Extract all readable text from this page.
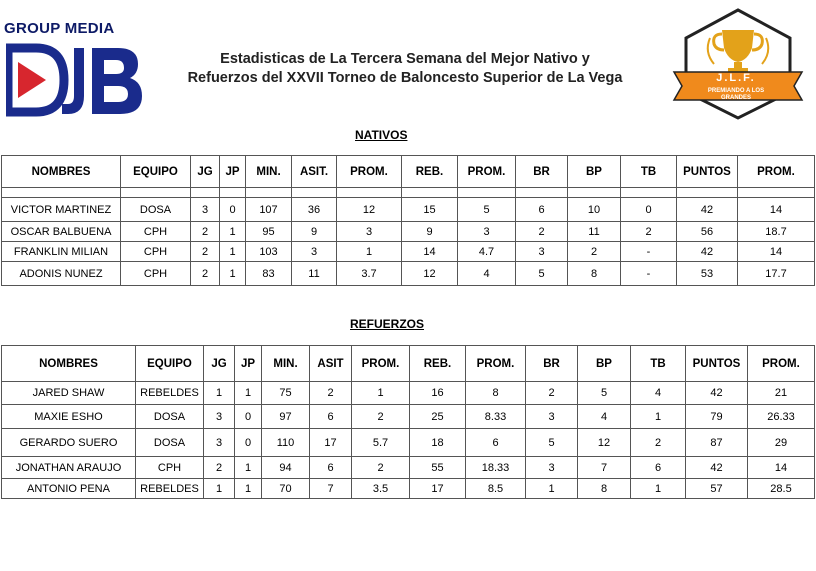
GROUP MEDIA
Estadisticas de La Tercera Semana del Mejor Nativo y
Refuerzos del XXVII Torneo de Baloncesto Superior de La Vega	J.L.F.
PREMIANDO A LOS
GRANDES
NATIVOS
NOMBRES	EQUIPO	JG	JP	MIN.	ASIT.	PROM.	REB.	PROM.	BR	BP	TB	PUNTOS	PROM.

VICTOR MARTINEZ	DOSA	3	0	107	36	12	15	5	6	10	0	42	14
OSCAR BALBUENA	CPH	2	1	95	9	3	9	3	2	11	2	56	18.7
FRANKLIN MILIAN	CPH	2	1	103	3	1	14	4.7	3	2	-	42	14
ADONIS NUNEZ	CPH	2	1	83	11	3.7	12	4	5	8	-	53	17.7
REFUERZOS
NOMBRES	EQUIPO	JG	JP	MIN.	ASIT	PROM.	REB.	PROM.	BR	BP	TB	PUNTOS	PROM.
JARED SHAW	REBELDES	1	1	75	2	1	16	8	2	5	4	42	21
MAXIE ESHO	DOSA	3	0	97	6	2	25	8.33	3	4	1	79	26.33
GERARDO SUERO	DOSA	3	0	110	17	5.7	18	6	5	12	2	87	29
JONATHAN ARAUJO	CPH	2	1	94	6	2	55	18.33	3	7	6	42	14
ANTONIO PENA	REBELDES	1	1	70	7	3.5	17	8.5	1	8	1	57	28.5
